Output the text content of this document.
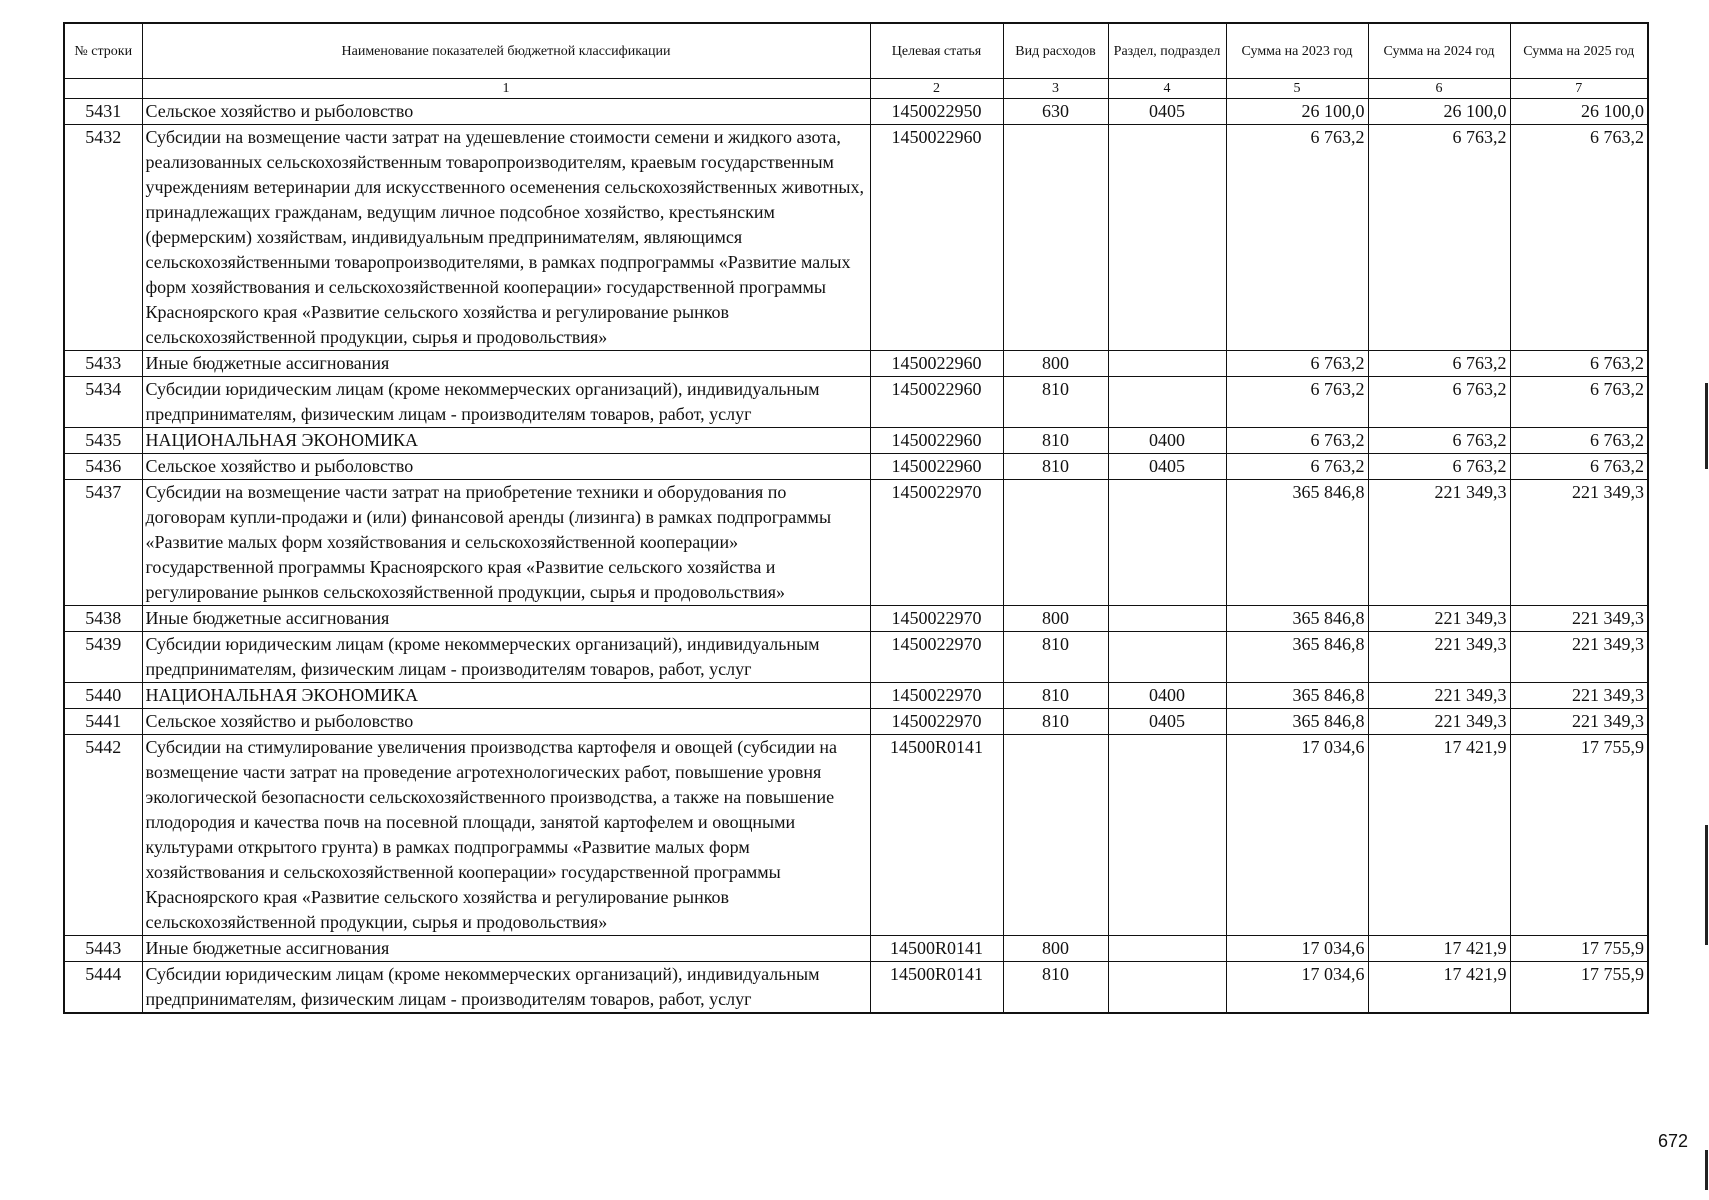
№ строки	Наименование показателей бюджетной классификации	Целевая статья	Вид расходов	Раздел, подраздел	Сумма на 2023 год	Сумма на 2024 год	Сумма на 2025 год
	1	2	3	4	5	6	7
5431	Сельское хозяйство и рыболовство	1450022950	630	0405	26 100,0	26 100,0	26 100,0
5432	Субсидии на возмещение части затрат на удешевление стоимости семени и жидкого азота, реализованных сельскохозяйственным товаропроизводителям, краевым государственным учреждениям ветеринарии для искусственного осеменения сельскохозяйственных животных, принадлежащих гражданам, ведущим личное подсобное хозяйство, крестьянским (фермерским) хозяйствам, индивидуальным предпринимателям, являющимся сельскохозяйственными товаропроизводителями, в рамках подпрограммы «Развитие малых форм хозяйствования и сельскохозяйственной кооперации» государственной программы Красноярского края «Развитие сельского хозяйства и регулирование рынков сельскохозяйственной продукции, сырья и продовольствия»	1450022960			6 763,2	6 763,2	6 763,2
5433	Иные бюджетные ассигнования	1450022960	800		6 763,2	6 763,2	6 763,2
5434	Субсидии юридическим лицам (кроме некоммерческих организаций), индивидуальным предпринимателям, физическим лицам - производителям товаров, работ, услуг	1450022960	810		6 763,2	6 763,2	6 763,2
5435	НАЦИОНАЛЬНАЯ ЭКОНОМИКА	1450022960	810	0400	6 763,2	6 763,2	6 763,2
5436	Сельское хозяйство и рыболовство	1450022960	810	0405	6 763,2	6 763,2	6 763,2
5437	Субсидии на возмещение части затрат на приобретение техники и оборудования по договорам купли-продажи и (или) финансовой аренды (лизинга) в рамках подпрограммы «Развитие малых форм хозяйствования и сельскохозяйственной кооперации» государственной программы Красноярского края «Развитие сельского хозяйства и регулирование рынков сельскохозяйственной продукции, сырья и продовольствия»	1450022970			365 846,8	221 349,3	221 349,3
5438	Иные бюджетные ассигнования	1450022970	800		365 846,8	221 349,3	221 349,3
5439	Субсидии юридическим лицам (кроме некоммерческих организаций), индивидуальным предпринимателям, физическим лицам - производителям товаров, работ, услуг	1450022970	810		365 846,8	221 349,3	221 349,3
5440	НАЦИОНАЛЬНАЯ ЭКОНОМИКА	1450022970	810	0400	365 846,8	221 349,3	221 349,3
5441	Сельское хозяйство и рыболовство	1450022970	810	0405	365 846,8	221 349,3	221 349,3
5442	Субсидии на стимулирование увеличения производства картофеля и овощей (субсидии на возмещение части затрат на проведение агротехнологических работ, повышение уровня экологической безопасности сельскохозяйственного производства, а также на повышение плодородия и качества почв на посевной площади, занятой картофелем и овощными культурами открытого грунта) в рамках подпрограммы «Развитие малых форм хозяйствования и сельскохозяйственной кооперации» государственной программы Красноярского края «Развитие сельского хозяйства и регулирование рынков сельскохозяйственной продукции, сырья и продовольствия»	14500R0141			17 034,6	17 421,9	17 755,9
5443	Иные бюджетные ассигнования	14500R0141	800		17 034,6	17 421,9	17 755,9
5444	Субсидии юридическим лицам (кроме некоммерческих организаций), индивидуальным предпринимателям, физическим лицам - производителям товаров, работ, услуг	14500R0141	810		17 034,6	17 421,9	17 755,9
672
